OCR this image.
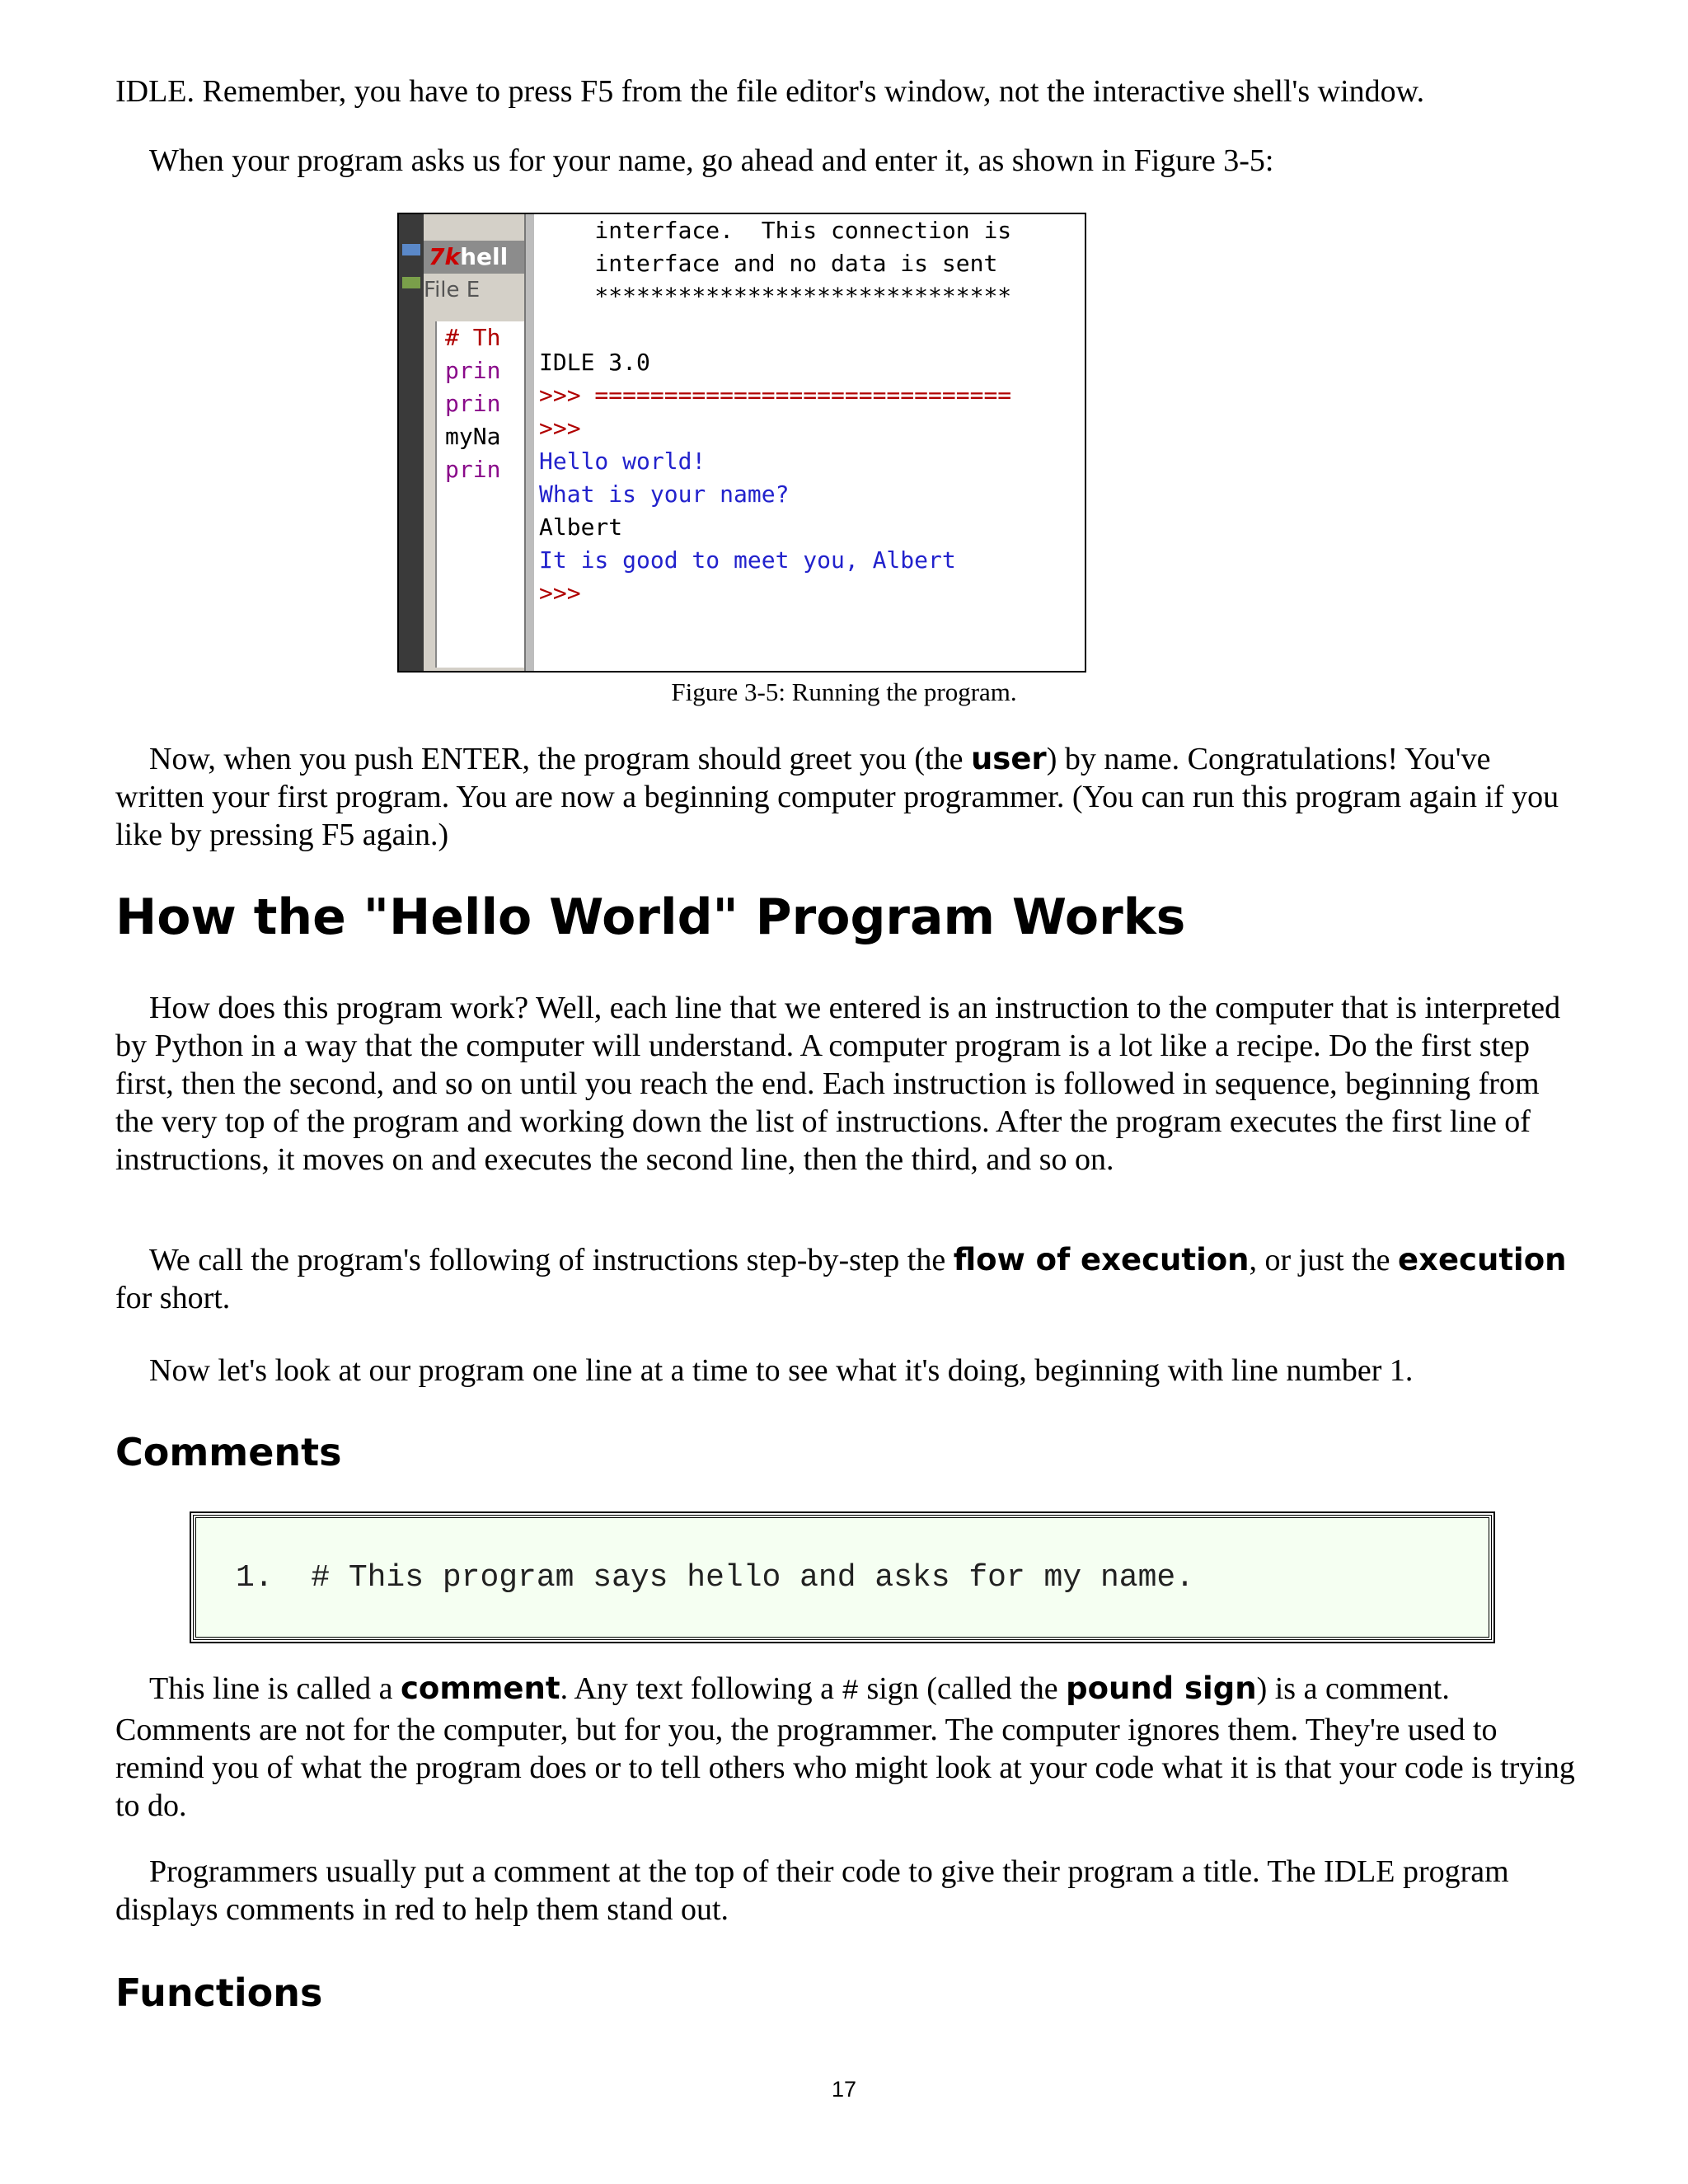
IDLE. Remember, you have to press F5 from the file editor's window, not the interactive shell's window.

When your program asks us for your name, go ahead and enter it, as shown in Figure 3-5:

Now, when you push ENTER, the program should greet you (the user) by name. Congratulations! You've written your first program. You are now a beginning computer programmer. (You can run this program again if you like by pressing F5 again.)

How the "Hello World" Program Works

How does this program work? Well, each line that we entered is an instruction to the computer that is interpreted by Python in a way that the computer will understand. A computer program is a lot like a recipe. Do the first step first, then the second, and so on until you reach the end. Each instruction is followed in sequence, beginning from the very top of the program and working down the list of instructions. After the program executes the first line of instructions, it moves on and executes the second line, then the third, and so on.

We call the program's following of instructions step-by-step the flow of execution, or just the execution for short.

Now let's look at our program one line at a time to see what it's doing, beginning with line number 1.

Comments

This line is called a comment. Any text following a # sign (called the pound sign) is a comment. Comments are not for the computer, but for you, the programmer. The computer ignores them. They're used to remind you of what the program does or to tell others who might look at your code what it is that your code is trying to do.

Programmers usually put a comment at the top of their code to give their program a title. The IDLE program displays comments in red to help them stand out.

Functions
7khell
File E
# Th
prin
prin
myNa
prin
interface.  This connection is
interface and no data is sent
******************************

IDLE 3.0
>>> ==============================
>>>
Hello world!
What is your name?
Albert
It is good to meet you, Albert
>>>
Figure 3-5: Running the program.
1.  # This program says hello and asks for my name.
17
